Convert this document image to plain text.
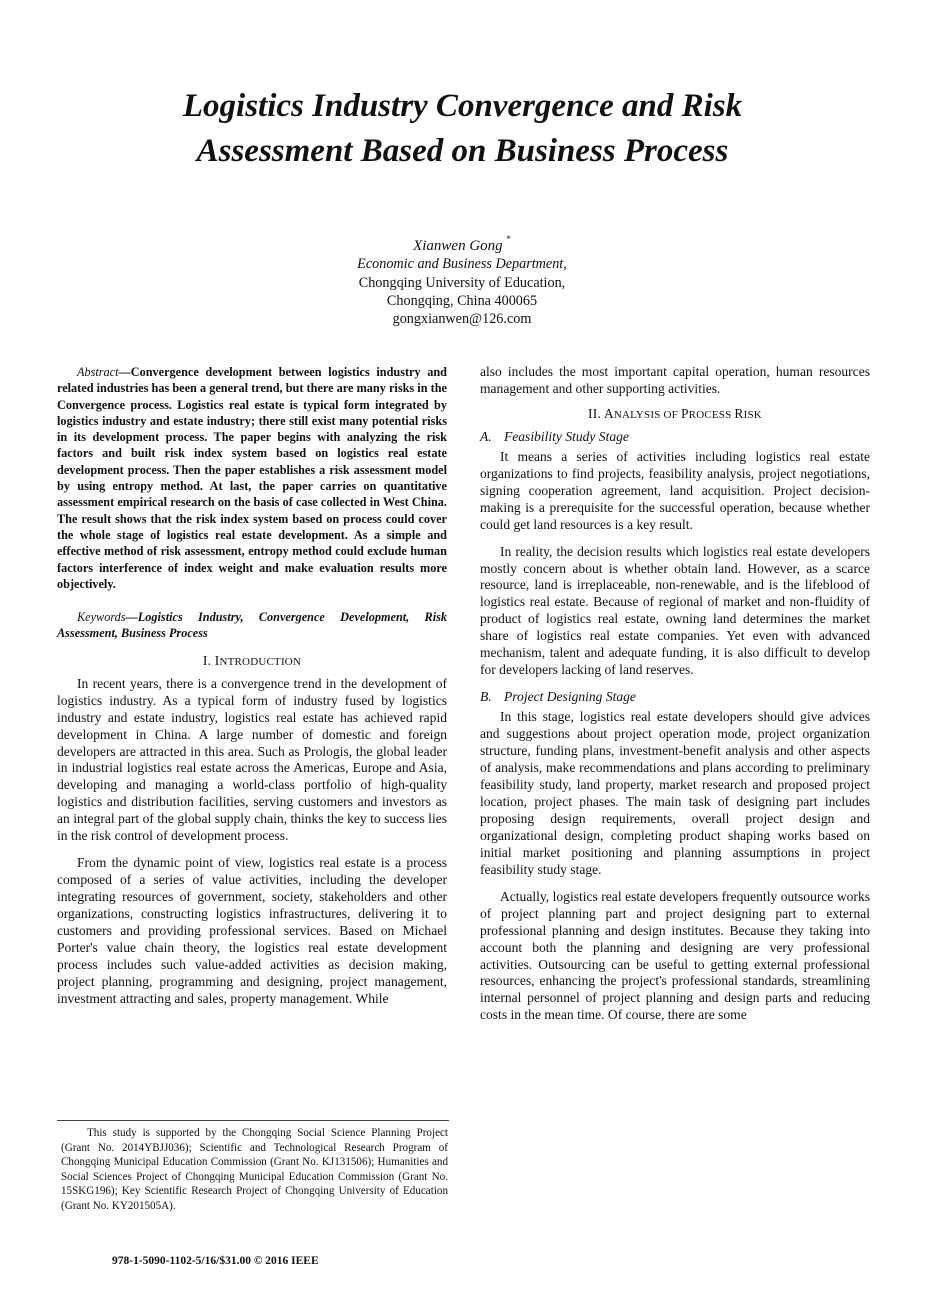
Logistics Industry Convergence and Risk
Assessment Based on Business Process
Xianwen Gong *
Economic and Business Department,
Chongqing University of Education,
Chongqing, China 400065
gongxianwen@126.com

Abstract—Convergence development between logistics industry and related industries has been a general trend, but there are many risks in the Convergence process. Logistics real estate is typical form integrated by logistics industry and estate industry; there still exist many potential risks in its development process. The paper begins with analyzing the risk factors and built risk index system based on logistics real estate development process. Then the paper establishes a risk assessment model by using entropy method. At last, the paper carries on quantitative assessment empirical research on the basis of case collected in West China. The result shows that the risk index system based on process could cover the whole stage of logistics real estate development. As a simple and effective method of risk assessment, entropy method could exclude human factors interference of index weight and make evaluation results more objectively.

Keywords—Logistics Industry, Convergence Development, Risk Assessment, Business Process

I. INTRODUCTION

In recent years, there is a convergence trend in the development of logistics industry. As a typical form of industry fused by logistics industry and estate industry, logistics real estate has achieved rapid development in China. A large number of domestic and foreign developers are attracted in this area. Such as Prologis, the global leader in industrial logistics real estate across the Americas, Europe and Asia, developing and managing a world-class portfolio of high-quality logistics and distribution facilities, serving customers and investors as an integral part of the global supply chain, thinks the key to success lies in the risk control of development process.

From the dynamic point of view, logistics real estate is a process composed of a series of value activities, including the developer integrating resources of government, society, stakeholders and other organizations, constructing logistics infrastructures, delivering it to customers and providing professional services. Based on Michael Porter's value chain theory, the logistics real estate development process includes such value-added activities as decision making, project planning, programming and designing, project management, investment attracting and sales, property management. While

also includes the most important capital operation, human resources management and other supporting activities.

II. ANALYSIS OF PROCESS RISK

A. Feasibility Study Stage

It means a series of activities including logistics real estate organizations to find projects, feasibility analysis, project negotiations, signing cooperation agreement, land acquisition. Project decision-making is a prerequisite for the successful operation, because whether could get land resources is a key result.

In reality, the decision results which logistics real estate developers mostly concern about is whether obtain land. However, as a scarce resource, land is irreplaceable, non-renewable, and is the lifeblood of logistics real estate. Because of regional of market and non-fluidity of product of logistics real estate, owning land determines the market share of logistics real estate companies. Yet even with advanced mechanism, talent and adequate funding, it is also difficult to develop for developers lacking of land reserves.

B. Project Designing Stage

In this stage, logistics real estate developers should give advices and suggestions about project operation mode, project organization structure, funding plans, investment-benefit analysis and other aspects of analysis, make recommendations and plans according to preliminary feasibility study, land property, market research and proposed project location, project phases. The main task of designing part includes proposing design requirements, overall project design and organizational design, completing product shaping works based on initial market positioning and planning assumptions in project feasibility study stage.

Actually, logistics real estate developers frequently outsource works of project planning part and project designing part to external professional planning and design institutes. Because they taking into account both the planning and designing are very professional activities. Outsourcing can be useful to getting external professional resources, enhancing the project's professional standards, streamlining internal personnel of project planning and design parts and reducing costs in the mean time. Of course, there are some

This study is supported by the Chongqing Social Science Planning Project (Grant No. 2014YBJJ036); Scientific and Technological Research Program of Chongqing Municipal Education Commission (Grant No. KJ131506); Humanities and Social Sciences Project of Chongqing Municipal Education Commission (Grant No. 15SKG196); Key Scientific Research Project of Chongqing University of Education (Grant No. KY201505A).

978-1-5090-1102-5/16/$31.00 © 2016 IEEE
